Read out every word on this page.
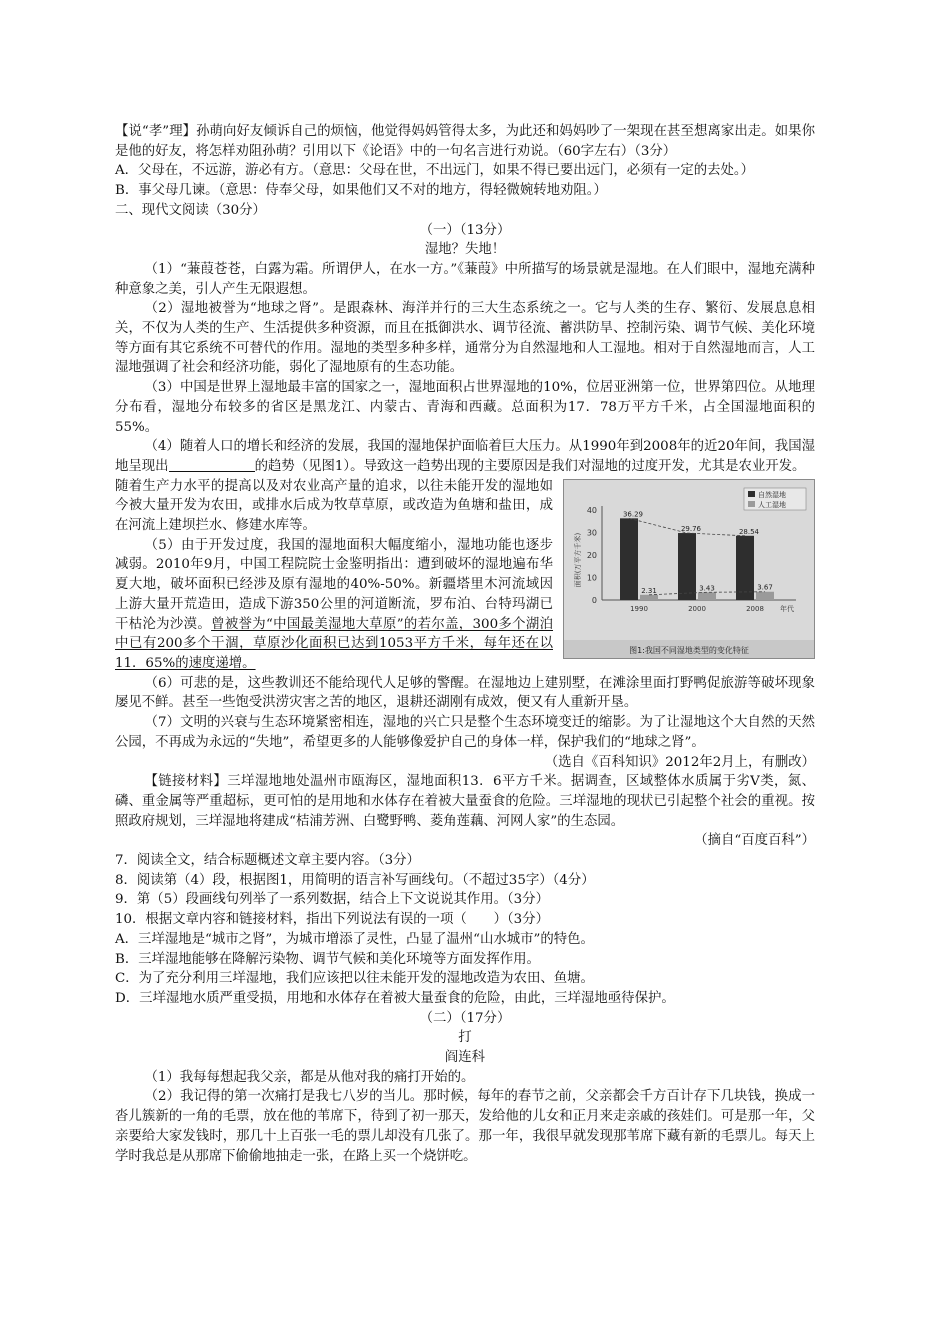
【说“孝”理】孙萌向好友倾诉自己的烦恼，他觉得妈妈管得太多，为此还和妈妈吵了一架现在甚至想离家出走。如果你是他的好友，将怎样劝阻孙萌？引用以下《论语》中的一句名言进行劝说。（60字左右）（3分）

A．父母在，不远游，游必有方。（意思：父母在世，不出远门，如果不得已要出远门，必须有一定的去处。）

B．事父母几谏。（意思：侍奉父母，如果他们又不对的地方，得轻微婉转地劝阻。）

二、现代文阅读（30分）

（一）（13分）

湿地？失地！

（1）“蒹葭苍苍，白露为霜。所谓伊人，在水一方。”《蒹葭》中所描写的场景就是湿地。在人们眼中，湿地充满种种意象之美，引人产生无限遐想。

（2）湿地被誉为“地球之肾”。是跟森林、海洋并行的三大生态系统之一。它与人类的生存、繁衍、发展息息相关，不仅为人类的生产、生活提供多种资源，而且在抵御洪水、调节径流、蓄洪防旱、控制污染、调节气候、美化环境等方面有其它系统不可替代的作用。湿地的类型多种多样，通常分为自然湿地和人工湿地。相对于自然湿地而言，人工湿地强调了社会和经济功能，弱化了湿地原有的生态功能。

（3）中国是世界上湿地最丰富的国家之一，湿地面积占世界湿地的10%，位居亚洲第一位，世界第四位。从地理分布看，湿地分布较多的省区是黑龙江、内蒙古、青海和西藏。总面积为17．78万平方千米，占全国湿地面积的55%。

（4）随着人口的增长和经济的发展，我国的湿地保护面临着巨大压力。从1990年到2008年的近20年间，我国湿地呈现出	的趋势（见图1）。导致这一趋势出现的主要原因是我们对湿地的过度开发，尤其是农业开发。

0
10
20
30
40
面积(万平方千米)
36.29
2.31
1990
29.76
3.43
2000
28.54
3.67
2008 年代
自然湿地
人工湿地
图1:我国不同湿地类型的变化特征

随着生产力水平的提高以及对农业高产量的追求，以往未能开发的湿地如今被大量开发为农田，或排水后成为牧草草原，或改造为鱼塘和盐田，成在河流上建坝拦水、修建水库等。

（5）由于开发过度，我国的湿地面积大幅度缩小，湿地功能也逐步减弱。2010年9月，中国工程院院士金鉴明指出：遭到破坏的湿地遍布华夏大地，破坏面积已经涉及原有湿地的40%-50%。新疆塔里木河流域因上游大量开荒造田，造成下游350公里的河道断流，罗布泊、台特玛湖已干枯沦为沙漠。曾被誉为“中国最美湿地大草原”的若尔盖，300多个湖泊中已有200多个干涸，草原沙化面积已达到1053平方千米，每年还在以11．65%的速度递增。

（6）可悲的是，这些教训还不能给现代人足够的警醒。在湿地边上建别墅，在滩涂里面打野鸭促旅游等破坏现象屡见不鲜。甚至一些饱受洪涝灾害之苦的地区，退耕还湖刚有成效，便又有人重新开垦。

（7）文明的兴衰与生态环境紧密相连，湿地的兴亡只是整个生态环境变迁的缩影。为了让湿地这个大自然的天然公园，不再成为永远的“失地”，希望更多的人能够像爱护自己的身体一样，保护我们的“地球之肾”。

（选自《百科知识》2012年2月上，有删改）

【链接材料】三垟湿地地处温州市瓯海区，湿地面积13．6平方千米。据调查，区域整体水质属于劣Ⅴ类，氮、磷、重金属等严重超标，更可怕的是用地和水体存在着被大量蚕食的危险。三垟湿地的现状已引起整个社会的重视。按照政府规划，三垟湿地将建成“桔浦芳洲、白鹭野鸭、菱角莲藕、河网人家”的生态园。

（摘自“百度百科”）

7．阅读全文，结合标题概述文章主要内容。（3分）

8．阅读第（4）段，根据图1，用简明的语言补写画线句。（不超过35字）（4分）

9．第（5）段画线句列举了一系列数据，结合上下文说说其作用。（3分）

10．根据文章内容和链接材料，指出下列说法有误的一项（　　）（3分）

A．三垟湿地是“城市之肾”，为城市增添了灵性，凸显了温州“山水城市”的特色。

B．三垟湿地能够在降解污染物、调节气候和美化环境等方面发挥作用。

C．为了充分利用三垟湿地，我们应该把以往未能开发的湿地改造为农田、鱼塘。

D．三垟湿地水质严重受损，用地和水体存在着被大量蚕食的危险，由此，三垟湿地亟待保护。

（二）（17分）

打

阎连科

（1）我每每想起我父亲，都是从他对我的痛打开始的。

（2）我记得的第一次痛打是我七八岁的当儿。那时候，每年的春节之前，父亲都会千方百计存下几块钱，换成一沓儿簇新的一角的毛票，放在他的苇席下，待到了初一那天，发给他的儿女和正月来走亲戚的孩娃们。可是那一年，父亲要给大家发钱时，那几十上百张一毛的票儿却没有几张了。那一年，我很早就发现那苇席下藏有新的毛票儿。每天上学时我总是从那席下偷偷地抽走一张，在路上买一个烧饼吃。
